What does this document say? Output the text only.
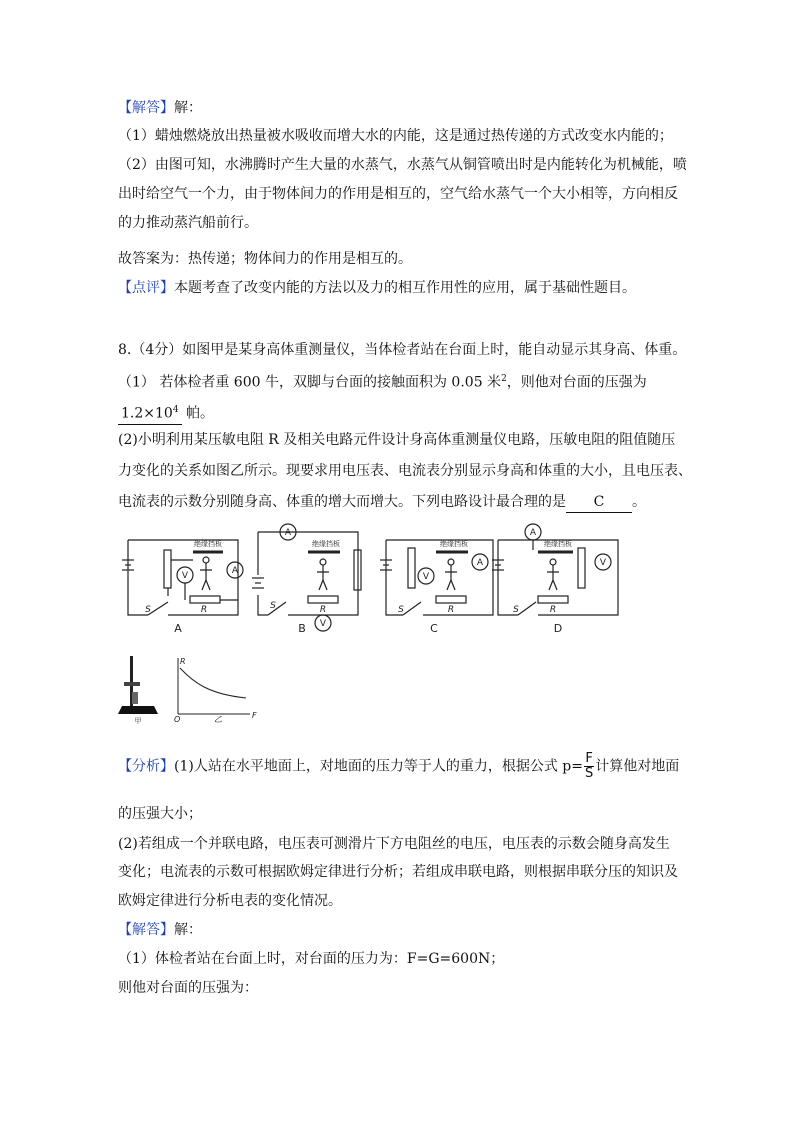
【解答】解：
（1）蜡烛燃烧放出热量被水吸收而增大水的内能，这是通过热传递的方式改变水内能的；
（2）由图可知，水沸腾时产生大量的水蒸气，水蒸气从铜管喷出时是内能转化为机械能，喷
出时给空气一个力，由于物体间力的作用是相互的，空气给水蒸气一个大小相等，方向相反
的力推动蒸汽船前行。
故答案为：热传递；物体间力的作用是相互的。
【点评】本题考查了改变内能的方法以及力的相互作用性的应用，属于基础性题目。
8.（4分）如图甲是某身高体重测量仪，当体检者站在台面上时，能自动显示其身高、体重。
（1） 若体检者重 600 牛，双脚与台面的接触面积为 0.05 米$^2$，则他对台面的压强为
$1.2\times 10^4$ 帕。
(2)小明利用某压敏电阻 R 及相关电路元件设计身高体重测量仪电路，压敏电阻的阻值随压
力变化的关系如图乙所示。现要求用电压表、电流表分别显示身高和体重的大小，且电压表、
电流表的示数分别随身高、体重的增大而增大。下列电路设计最合理的是 C 。
V	A
A
V
V
A
A
V
绝缘挡板	绝缘挡板	绝缘挡板	绝缘挡板
S	R	S	R	S	R	S	R
A	B	C	D
甲
R
F
O	乙
【分析】(1)人站在水平地面上，对地面的压力等于人的重力，根据公式 $p= \frac{F}{S}$ 计算他对地面
的压强大小；
(2)若组成一个并联电路，电压表可测滑片下方电阻丝的电压，电压表的示数会随身高发生
变化；电流表的示数可根据欧姆定律进行分析；若组成串联电路，则根据串联分压的知识及
欧姆定律进行分析电表的变化情况。
【解答】解：
（1）体检者站在台面上时，对台面的压力为：F=G=600N；
则他对台面的压强为：
